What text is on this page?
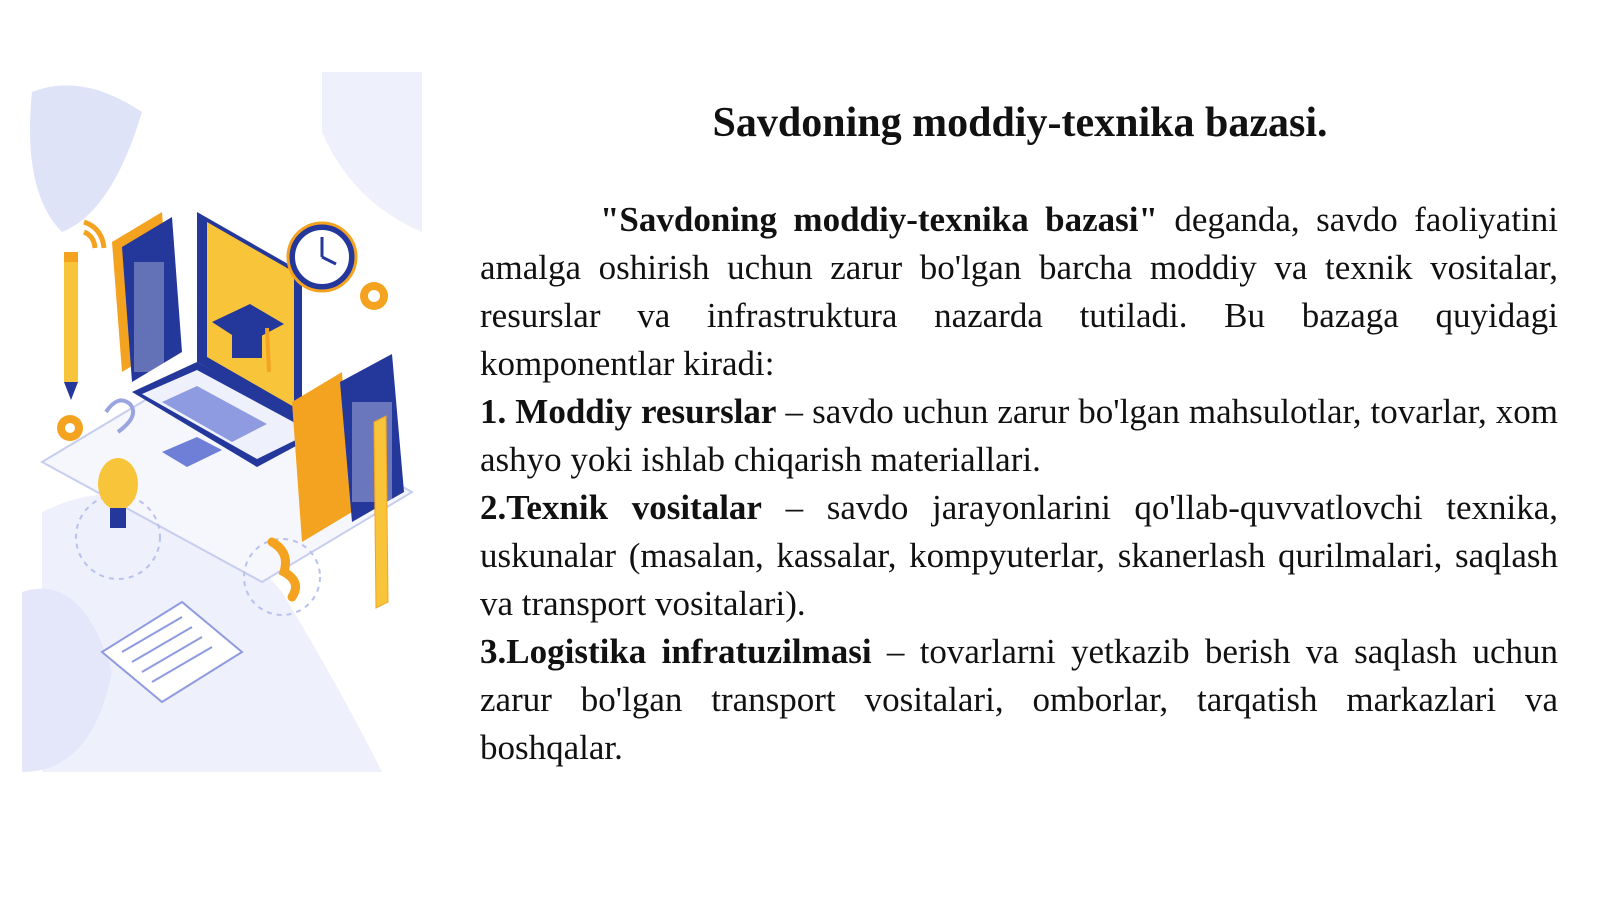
Savdoning moddiy-texnika bazasi.

"Savdoning moddiy-texnika bazasi" deganda, savdo faoliyatini amalga oshirish uchun zarur bo'lgan barcha moddiy va texnik vositalar, resurslar va infrastruktura nazarda tutiladi. Bu bazaga quyidagi komponentlar kiradi:

1. Moddiy resurslar – savdo uchun zarur bo'lgan mahsulotlar, tovarlar, xom ashyo yoki ishlab chiqarish materiallari.

2.Texnik vositalar – savdo jarayonlarini qo'llab-quvvatlovchi texnika, uskunalar (masalan, kassalar, kompyuterlar, skanerlash qurilmalari, saqlash va transport vositalari).

3.Logistika infratuzilmasi – tovarlarni yetkazib berish va saqlash uchun zarur bo'lgan transport vositalari, omborlar, tarqatish markazlari va boshqalar.
